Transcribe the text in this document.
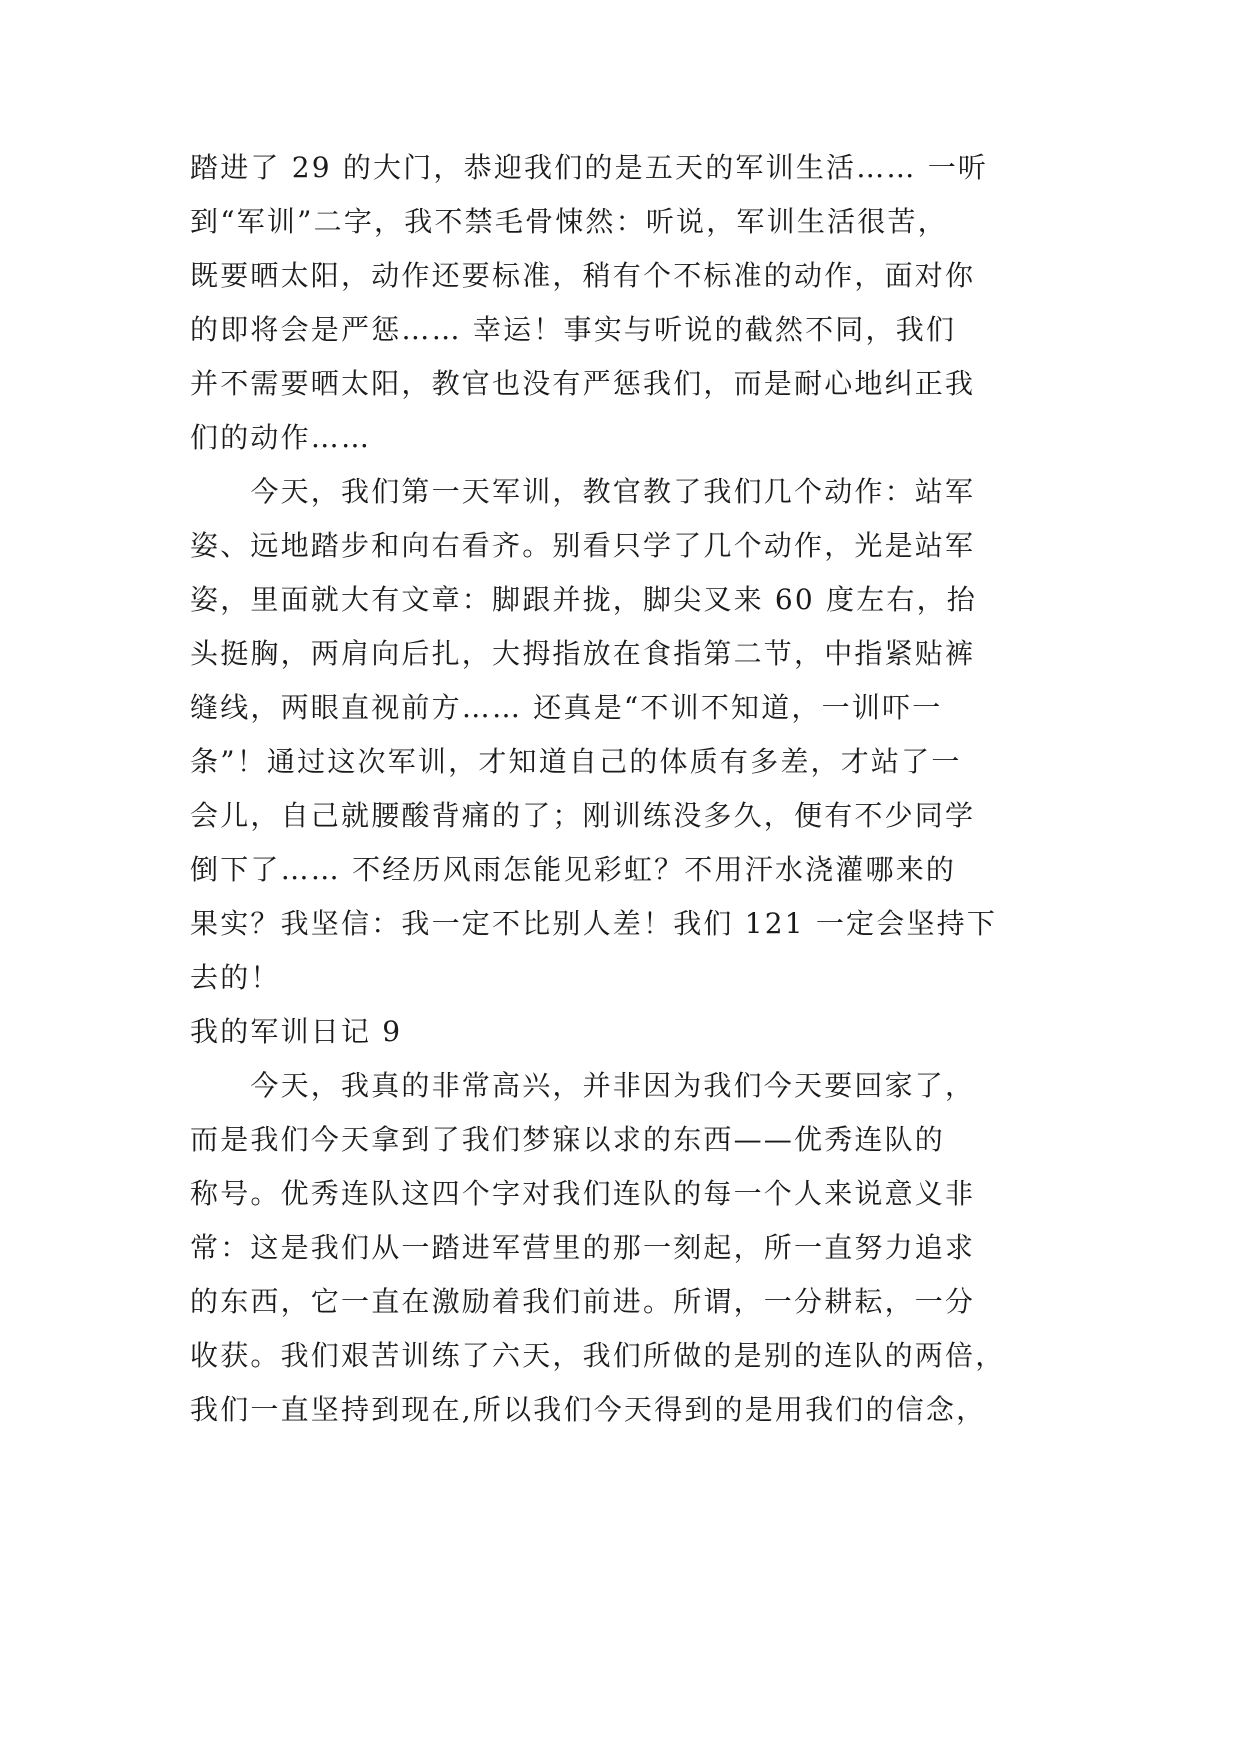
踏进了 29 的大门，恭迎我们的是五天的军训生活…… 一听
到“军训”二字，我不禁毛骨悚然：听说，军训生活很苦，
既要晒太阳，动作还要标准，稍有个不标准的动作，面对你
的即将会是严惩…… 幸运！事实与听说的截然不同，我们
并不需要晒太阳，教官也没有严惩我们，而是耐心地纠正我
们的动作……
　　今天，我们第一天军训，教官教了我们几个动作：站军
姿、远地踏步和向右看齐。别看只学了几个动作，光是站军
姿，里面就大有文章：脚跟并拢，脚尖叉来 60 度左右，抬
头挺胸，两肩向后扎，大拇指放在食指第二节，中指紧贴裤
缝线，两眼直视前方…… 还真是“不训不知道，一训吓一
条”！通过这次军训，才知道自己的体质有多差，才站了一
会儿，自己就腰酸背痛的了；刚训练没多久，便有不少同学
倒下了…… 不经历风雨怎能见彩虹？不用汗水浇灌哪来的
果实？我坚信：我一定不比别人差！我们 121 一定会坚持下
去的！
我的军训日记 9
　　今天，我真的非常高兴，并非因为我们今天要回家了，
而是我们今天拿到了我们梦寐以求的东西——优秀连队的
称号。优秀连队这四个字对我们连队的每一个人来说意义非
常：这是我们从一踏进军营里的那一刻起，所一直努力追求
的东西，它一直在激励着我们前进。所谓，一分耕耘，一分
收获。我们艰苦训练了六天，我们所做的是别的连队的两倍，
我们一直坚持到现在,所以我们今天得到的是用我们的信念，
